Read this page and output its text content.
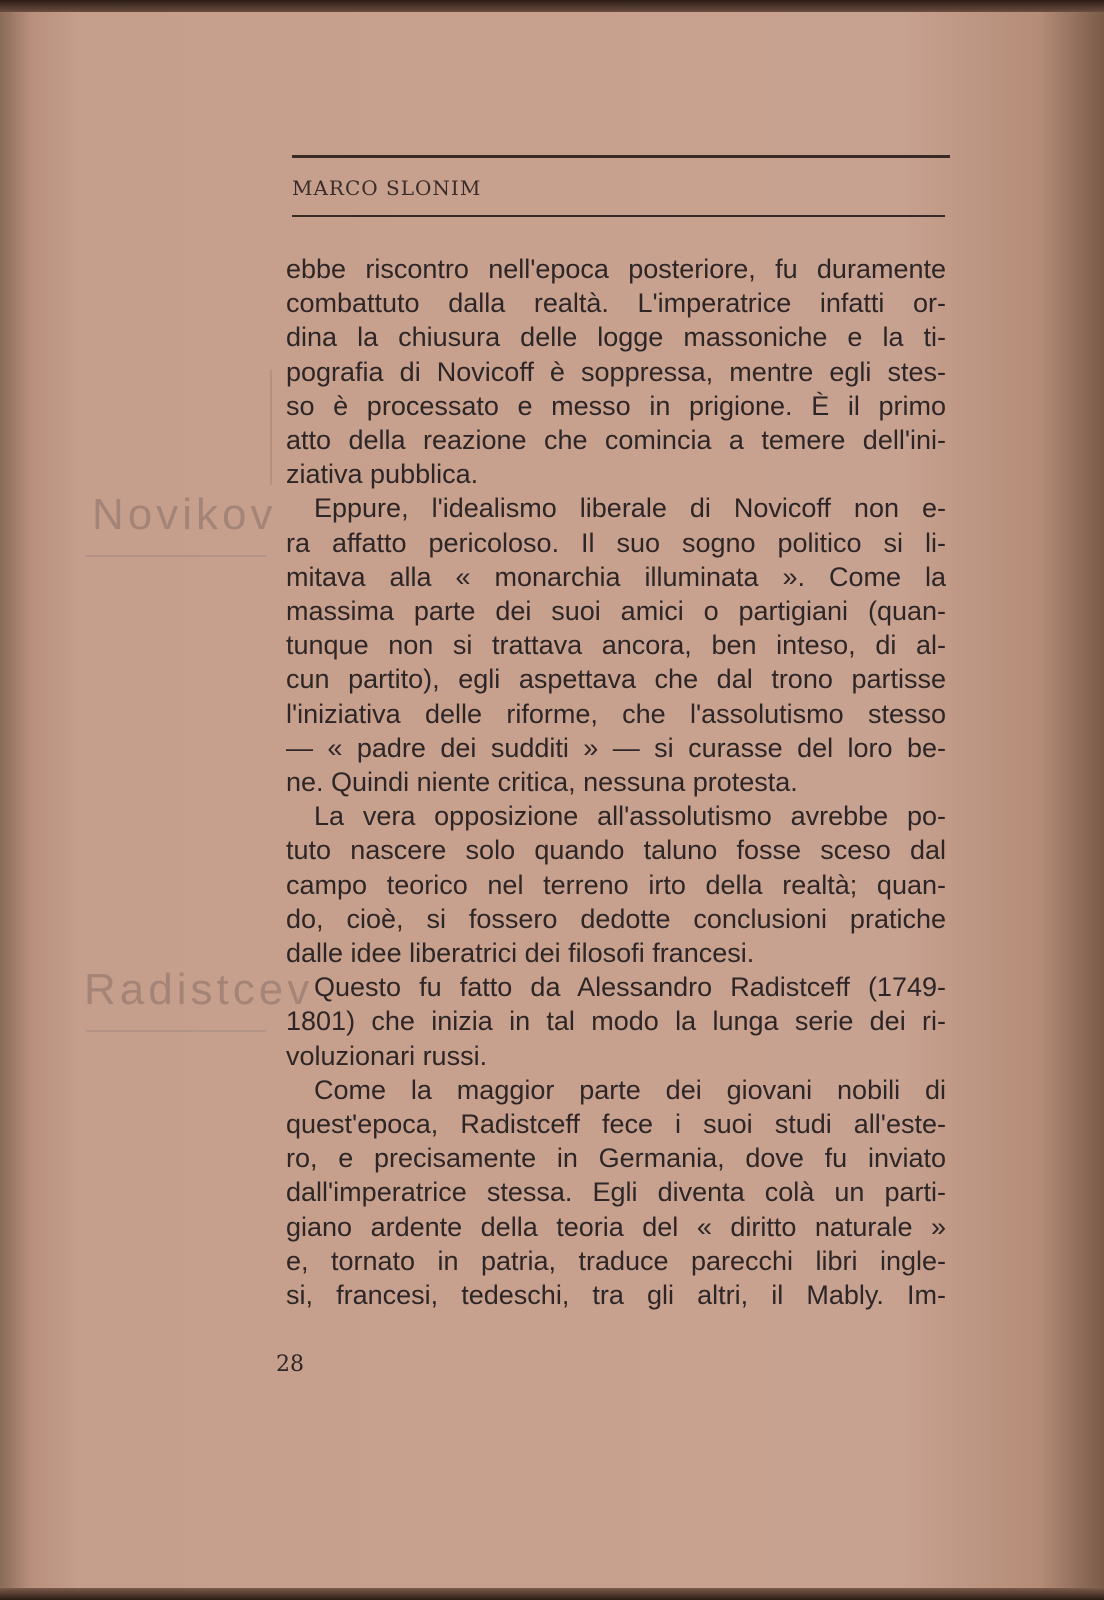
MARCO SLONIM
Novikov
Radistcev
ebbe riscontro nell'epoca posteriore, fu duramente
combattuto dalla realtà. L'imperatrice infatti or-
dina la chiusura delle logge massoniche e la ti-
pografia di Novicoff è soppressa, mentre egli stes-
so è processato e messo in prigione. È il primo
atto della reazione che comincia a temere dell'ini-
ziativa pubblica.
Eppure, l'idealismo liberale di Novicoff non e-
ra affatto pericoloso. Il suo sogno politico si li-
mitava alla « monarchia illuminata ». Come la
massima parte dei suoi amici o partigiani (quan-
tunque non si trattava ancora, ben inteso, di al-
cun partito), egli aspettava che dal trono partisse
l'iniziativa delle riforme, che l'assolutismo stesso
— « padre dei sudditi » — si curasse del loro be-
ne. Quindi niente critica, nessuna protesta.
La vera opposizione all'assolutismo avrebbe po-
tuto nascere solo quando taluno fosse sceso dal
campo teorico nel terreno irto della realtà; quan-
do, cioè, si fossero dedotte conclusioni pratiche
dalle idee liberatrici dei filosofi francesi.
Questo fu fatto da Alessandro Radistceff (1749-
1801) che inizia in tal modo la lunga serie dei ri-
voluzionari russi.
Come la maggior parte dei giovani nobili di
quest'epoca, Radistceff fece i suoi studi all'este-
ro, e precisamente in Germania, dove fu inviato
dall'imperatrice stessa. Egli diventa colà un parti-
giano ardente della teoria del « diritto naturale »
e, tornato in patria, traduce parecchi libri ingle-
si, francesi, tedeschi, tra gli altri, il Mably. Im-
28
